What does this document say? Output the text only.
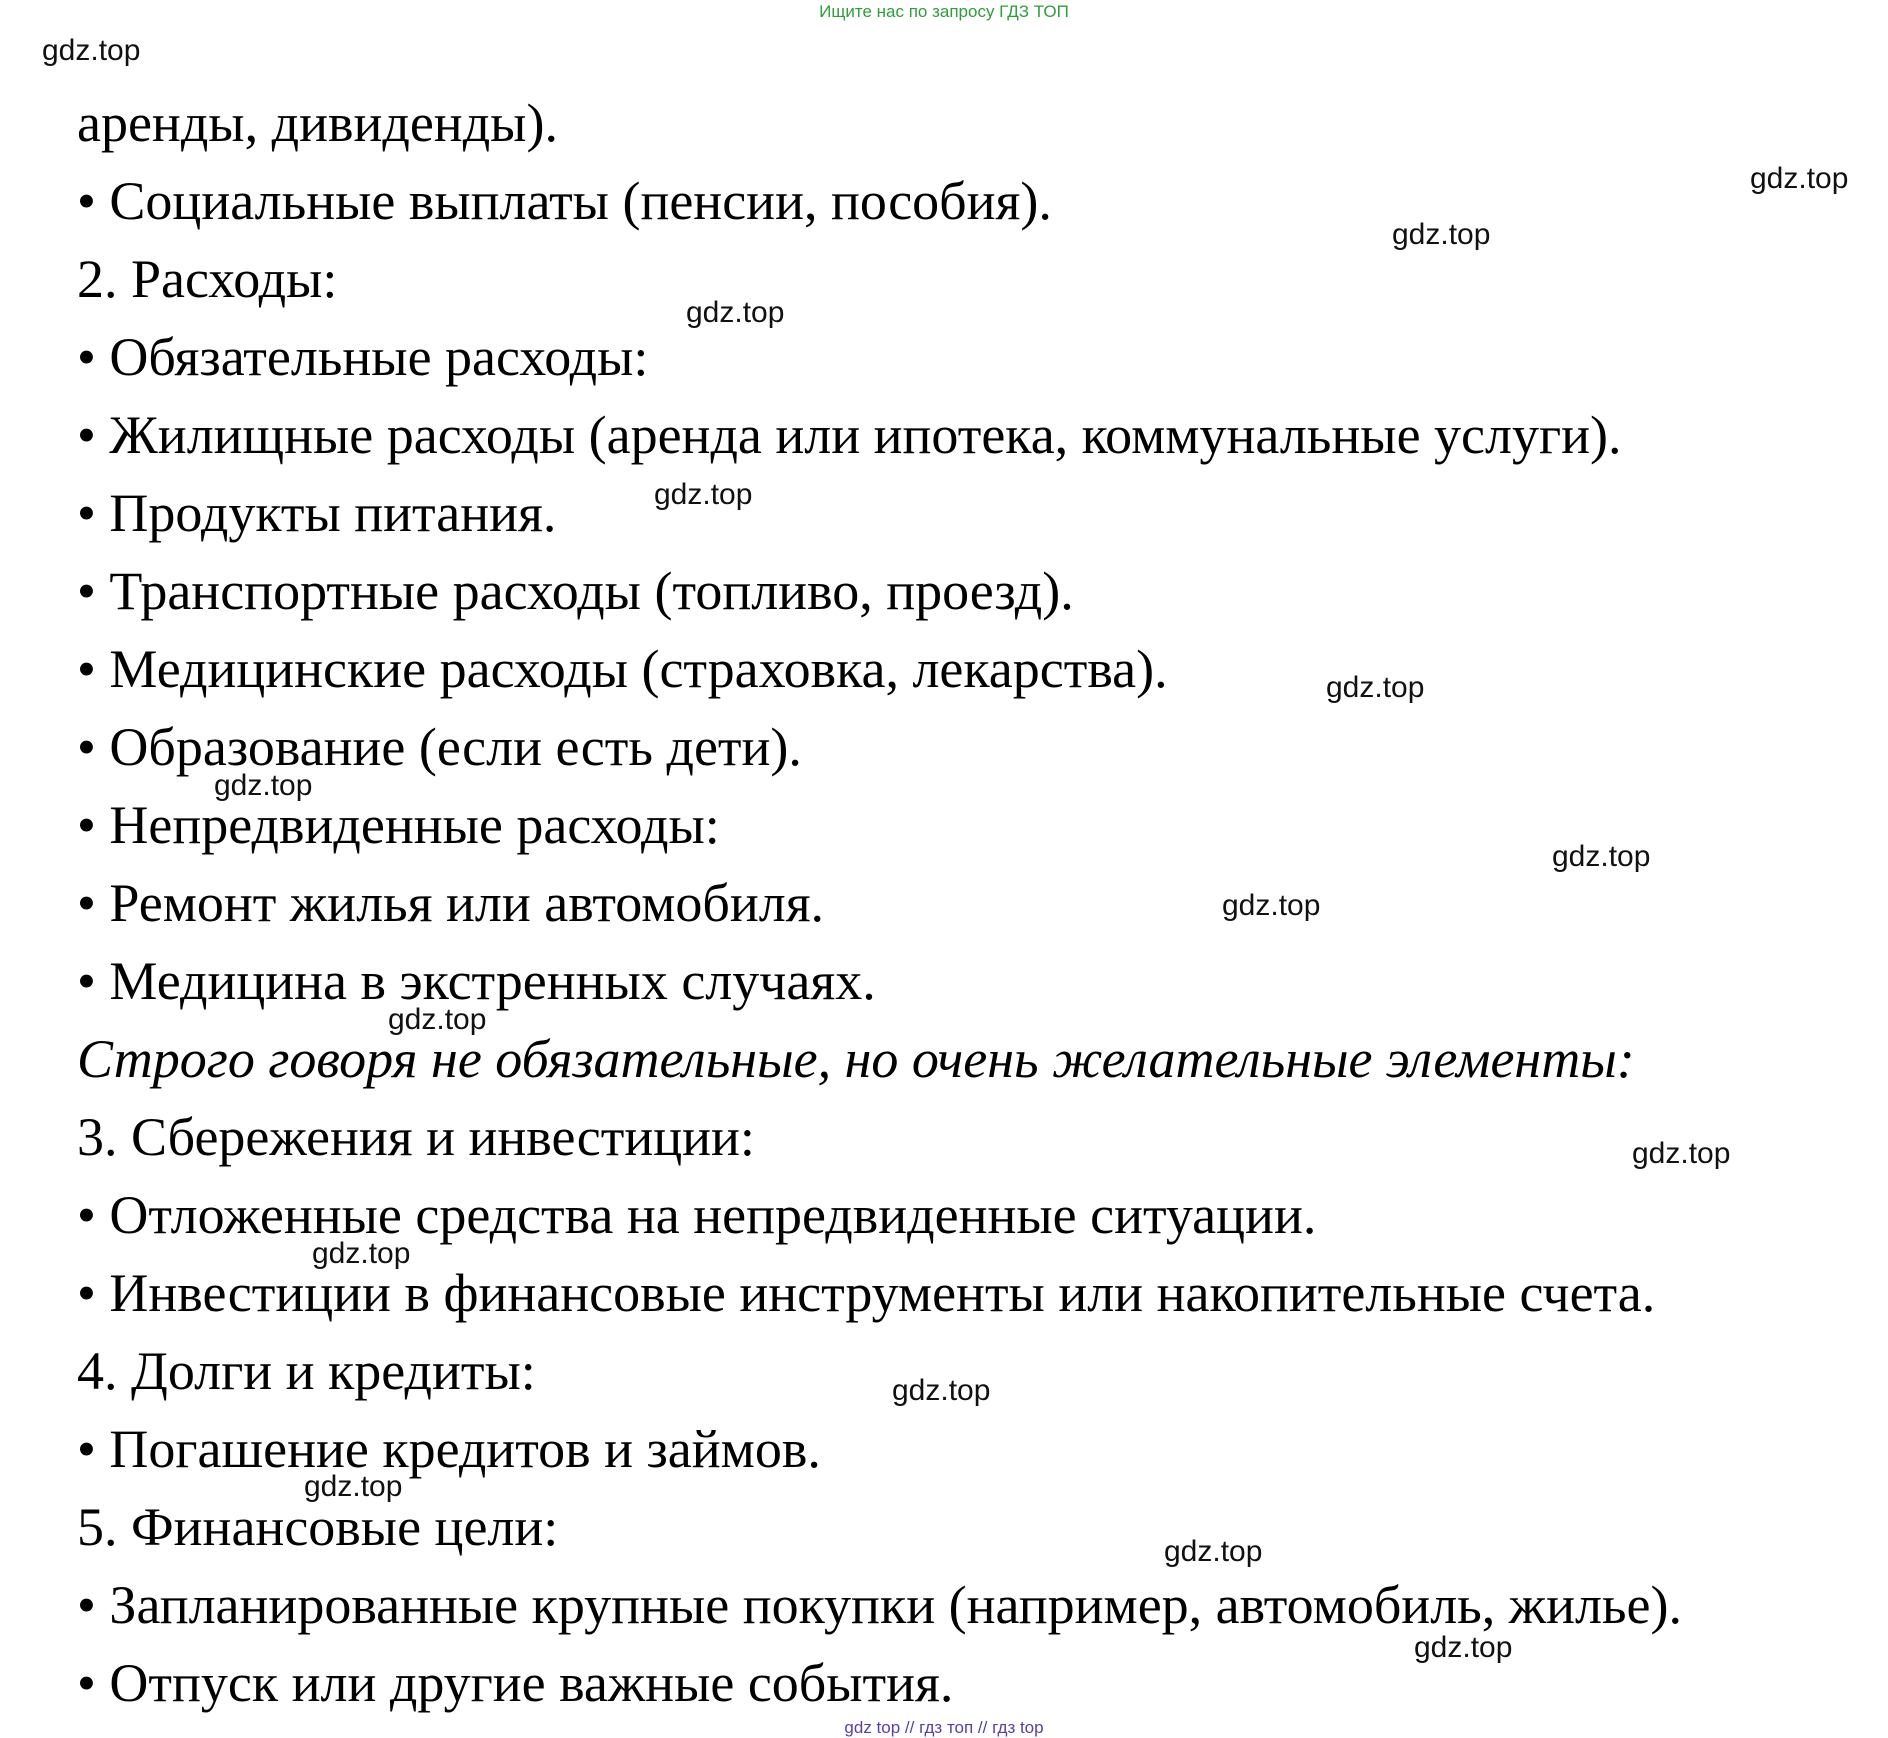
Ищите нас по запросу ГДЗ ТОП
аренды, дивиденды).
• Социальные выплаты (пенсии, пособия).
2. Расходы:
• Обязательные расходы:
• Жилищные расходы (аренда или ипотека, коммунальные услуги).
• Продукты питания.
• Транспортные расходы (топливо, проезд).
• Медицинские расходы (страховка, лекарства).
• Образование (если есть дети).
• Непредвиденные расходы:
• Ремонт жилья или автомобиля.
• Медицина в экстренных случаях.
Строго говоря не обязательные, но очень желательные элементы:
3. Сбережения и инвестиции:
• Отложенные средства на непредвиденные ситуации.
• Инвестиции в финансовые инструменты или накопительные счета.
4. Долги и кредиты:
• Погашение кредитов и займов.
5. Финансовые цели:
• Запланированные крупные покупки (например, автомобиль, жилье).
• Отпуск или другие важные события.
gdz.top
gdz.top
gdz.top
gdz.top
gdz.top
gdz.top
gdz.top
gdz.top
gdz.top
gdz.top
gdz.top
gdz.top
gdz.top
gdz.top
gdz.top
gdz.top
gdz top // гдз топ // гдз top
